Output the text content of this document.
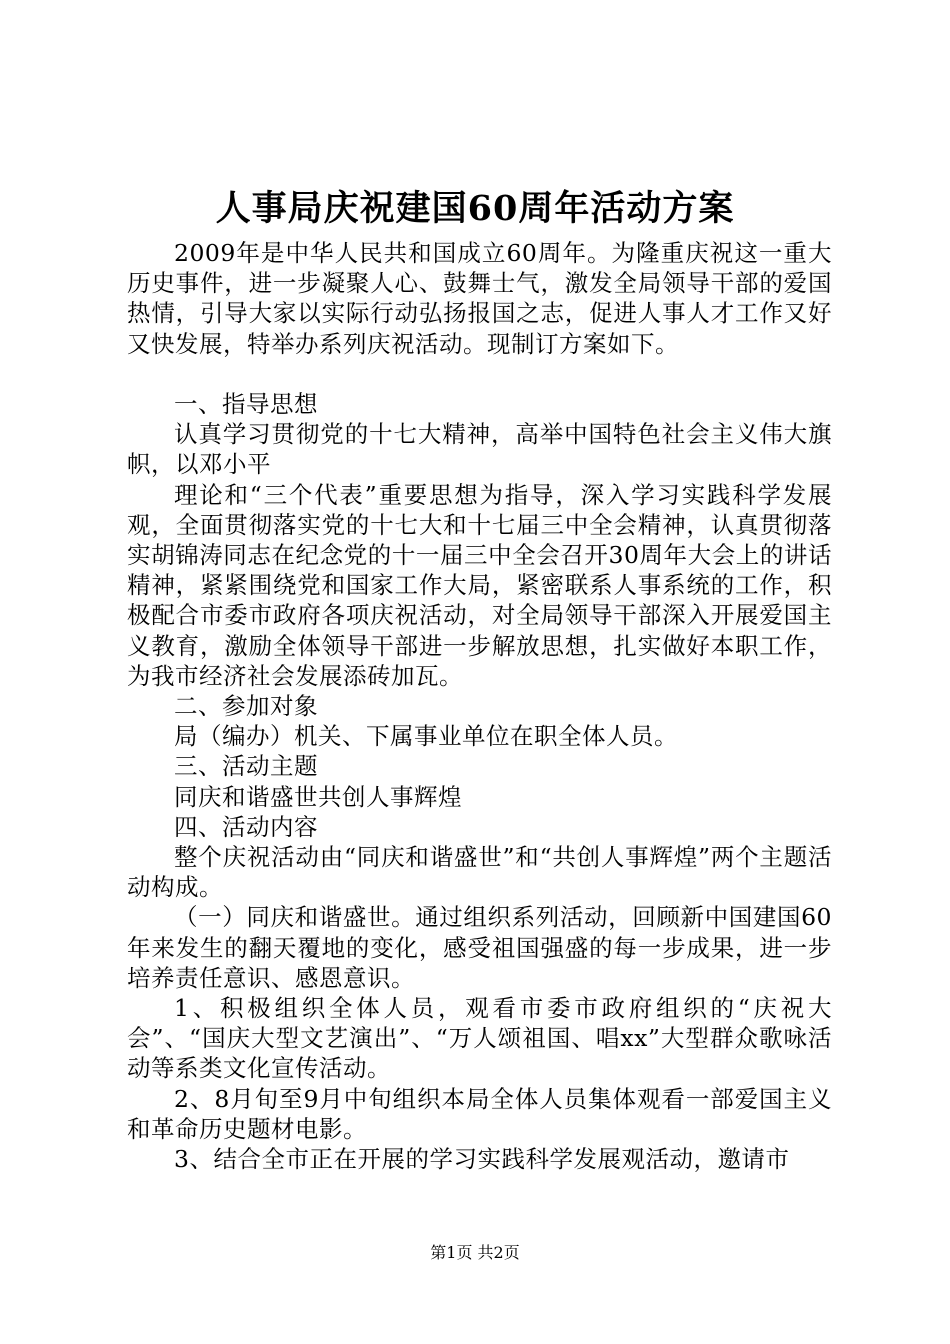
人事局庆祝建国60周年活动方案

2009年是中华人民共和国成立60周年。为隆重庆祝这一重大历史事件，进一步凝聚人心、鼓舞士气，激发全局领导干部的爱国热情，引导大家以实际行动弘扬报国之志，促进人事人才工作又好又快发展，特举办系列庆祝活动。现制订方案如下。

一、指导思想

认真学习贯彻党的十七大精神，高举中国特色社会主义伟大旗帜，以邓小平

理论和“三个代表”重要思想为指导，深入学习实践科学发展观，全面贯彻落实党的十七大和十七届三中全会精神，认真贯彻落实胡锦涛同志在纪念党的十一届三中全会召开30周年大会上的讲话精神，紧紧围绕党和国家工作大局，紧密联系人事系统的工作，积极配合市委市政府各项庆祝活动，对全局领导干部深入开展爱国主义教育，激励全体领导干部进一步解放思想，扎实做好本职工作，为我市经济社会发展添砖加瓦。

二、参加对象

局（编办）机关、下属事业单位在职全体人员。

三、活动主题

同庆和谐盛世共创人事辉煌

四、活动内容

整个庆祝活动由“同庆和谐盛世”和“共创人事辉煌”两个主题活动构成。

（一）同庆和谐盛世。通过组织系列活动，回顾新中国建国60年来发生的翻天覆地的变化，感受祖国强盛的每一步成果，进一步培养责任意识、感恩意识。

1、积极组织全体人员，观看市委市政府组织的“庆祝大会”、“国庆大型文艺演出”、“万人颂祖国、唱xx”大型群众歌咏活动等系类文化宣传活动。

2、8月旬至9月中旬组织本局全体人员集体观看一部爱国主义和革命历史题材电影。

3、结合全市正在开展的学习实践科学发展观活动，邀请市

第1页 共2页
